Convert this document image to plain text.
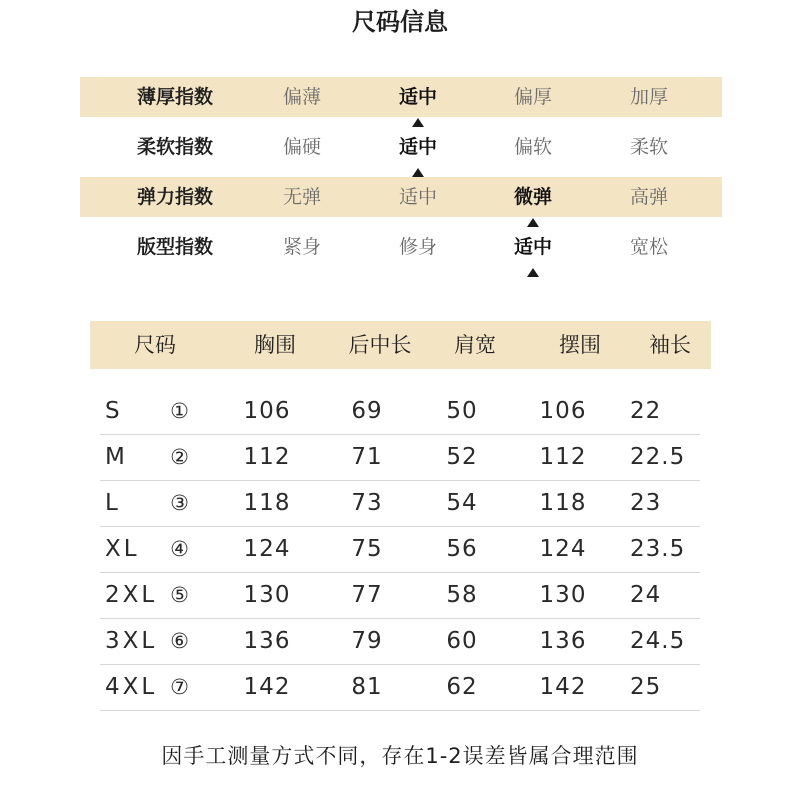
尺码信息
薄厚指数	偏薄	适中	偏厚	加厚
柔软指数	偏硬	适中	偏软	柔软
弹力指数	无弹	适中	微弹	高弹
版型指数	紧身	修身	适中	宽松
尺码	胸围	后中长	肩宽	摆围	袖长
S	①	106	69	50	106	22
M	②	112	71	52	112	22.5
L	③	118	73	54	118	23
XL	④	124	75	56	124	23.5
2XL ⑤	130	77	58	130	24
3XL ⑥	136	79	60	136	24.5
4XL ⑦	142	81	62	142	25
因手工测量方式不同，存在1-2误差皆属合理范围
